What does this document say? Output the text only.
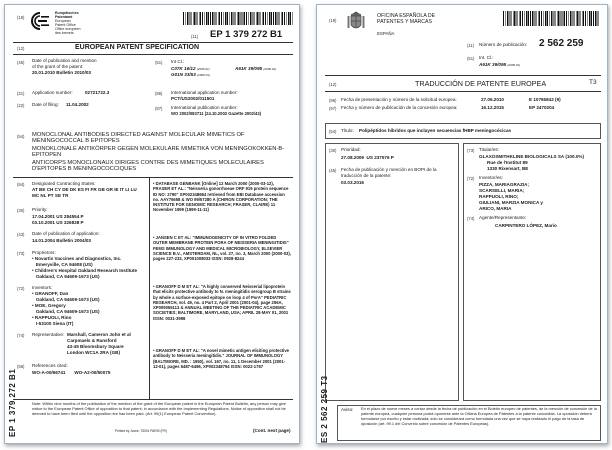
(19)
Europäisches
Patentamt
European
Patent Office
Office européen
des brevets
(11) EP 1 379 272 B1
(12)	EUROPEAN PATENT SPECIFICATION
(45) Date of publication and mention
of the grant of the patent:
20.01.2010 Bulletin 2010/03
(21) Application number:	02721722.3
(22) Date of filing: 11.04.2002
(51) Int Cl.:
C07K 16/12 (2006.01)	A61K 39/095 (2006.01)
G01N 33/53 (2006.01)
(86) International application number:
PCT/US2002/011501
(87) International publication number:
WO 2002/083711 (24.10.2002 Gazette 2002/43)
(54) MONOCLONAL ANTIBODIES DIRECTED AGAINST MOLECULAR MIMETICS OF MENINGOCOCCAL B EPITOPES
MONOKLONALE ANTIKÖRPER GEGEN MOLEKULARE MIMETIKA VON MENINGOKOKKEN-B-EPITOPEN
ANTICORPS MONOCLONAUX DIRIGES CONTRE DES MIMETIQUES MOLECULAIRES D'EPITOPES B MENINGOCOCCIQUES
(84) Designated Contracting States:
AT BE CH CY DE DK ES FI FR GB GR IE IT LI LU MC NL PT SE TR
(30) Priority:
17.04.2001 US 284554 P
03.10.2001 US 326838 P
(43) Date of publication of application:
14.01.2004 Bulletin 2004/03
(73) Proprietors:
• Novartis Vaccines and Diagnostics, Inc.
Emeryville, CA 94608 (US)
• Children's Hospital Oakland Research Institute
Oakland, CA 94609-1673 (US)
(72) Inventors:
• GRANOFF, Dan
Oakland, CA 94609-1673 (US)
• MOE, Gregory
Oakland, CA 94609-1673 (US)
• RAPPUOLI, Rino
I-53100 Siena (IT)
(74) Representative: Marshall, Cameron John et al
Carpmaels & Ransford
43-45 Bloomsbury Square
London WC1A 2RA (GB)
(56) References cited:
WO-A-00/66741       WO-A2-00/50075
• DATABASE GENBANK [Online] 12 March 2000 (2000-03-12), FRASER ET AL.: "Neisseria gonorrhoeae ORF 919 protein sequence ID NO: 2790" XP002348684 retrieved from EBI Database accession no. AAY76658 & WO 99/57280 A (CHIRON CORPORATION; THE INSTITUTE FOR GENOMIC RESEARCH; FRASER, CLAIRE) 11 November 1999 (1999-11-11)
• JANSEN C ET AL: "IMMUNOGENICITY OF IN VITRO FOLDED OUTER MEMBRANE PROTEIN PORA OF NEISSERIA MENINGITIDIS" FEMS IMMUNOLOGY AND MEDICAL MICROBIOLOGY, ELSEVIER SCIENCE B.V., AMSTERDAM, NL, vol. 27, no. 3, March 2000 (2000-03), pages 227-233, XP001008033 ISSN: 0928-8244
• GRANOFF D M ET AL: "A highly conserved Neisserial lipoprotein that elicits protective antibody to N. meningitidis serogroup B strains by whole a surface-exposed epitope on loop 4 of PorA" PEDIATRIC RESEARCH, vol. 49, no. 4 Part 2, April 2001 (2001-04), page 256A, XP009055113 & ANNUAL MEETING OF THE PEDIATRIC ACADEMIC SOCIETIES; BALTIMORE, MARYLAND, USA; APRIL 28-MAY 01, 2001 ISSN: 0031-3998
• GRANOFF D M ET AL: "A novel mimetic antigen eliciting protective antibody to Neisseria meningitidis." JOURNAL OF IMMUNOLOGY (BALTIMORE, MD. : 1950), vol. 167, no. 11, 1 December 2001 (2001-12-01), pages 6487-6496, XP002348794 ISSN: 0022-1767
Note: Within nine months of the publication of the mention of the grant of the European patent in the European Patent Bulletin, any person may give notice to the European Patent Office of opposition to that patent, in accordance with the Implementing Regulations. Notice of opposition shall not be deemed to have been filed until the opposition fee has been paid. (Art. 99(1) European Patent Convention).
Printed by Jouve, 75001 PARIS (FR)	(Cont. next page)
EP 1 379 272 B1
(19)
OFICINA ESPAÑOLA DE
PATENTES Y MARCAS
ESPAÑA
(11) Número de publicación: 2 562 259
(51) Int. Cl.:
A61K 39/095 (2006.01)
(12)	TRADUCCIÓN DE PATENTE EUROPEA	T3
(96) Fecha de presentación y número de la solicitud europea:	27.06.2010	E 10765842 (9)
(97) Fecha y número de publicación de la concesión europea:	16.12.2015	EP 2470204
(54) Título: Polipéptidos híbridos que incluyen secuencias fHBP meningocócicas
(30) Prioridad:
27.08.2009  US 237576 P
(45) Fecha de publicación y mención en BOPI de la traducción de la patente:
03.03.2016
(73) Titular/es:
GLAXOSMITHKLINE BIOLOGICALS SA (100.0%)
Rue de l'Institut 89
1330 Rixensart, BE
(72) Inventor/es:
PIZZA, MARIAGRAZIA;
SCARSELLI, MARIA;
RAPPUOLI, RINO;
GIULIANI, MARZIA MONICA y
ARICO, MARIA
(74) Agente/Representante:
CARPINTERO LÓPEZ, Mario
Aviso: En el plazo de nueve meses a contar desde la fecha de publicación en el Boletín europeo de patentes, de la mención de concesión de la patente europea, cualquier persona podrá oponerse ante la Oficina Europea de Patentes a la patente concedida. La oposición deberá formularse por escrito y estar motivada; sólo se considerará como formulada una vez que se haya realizado el pago de la tasa de oposición (art. 99.1 del Convenio sobre concesión de Patentes Europeas).
ES 2 562 259 T3
